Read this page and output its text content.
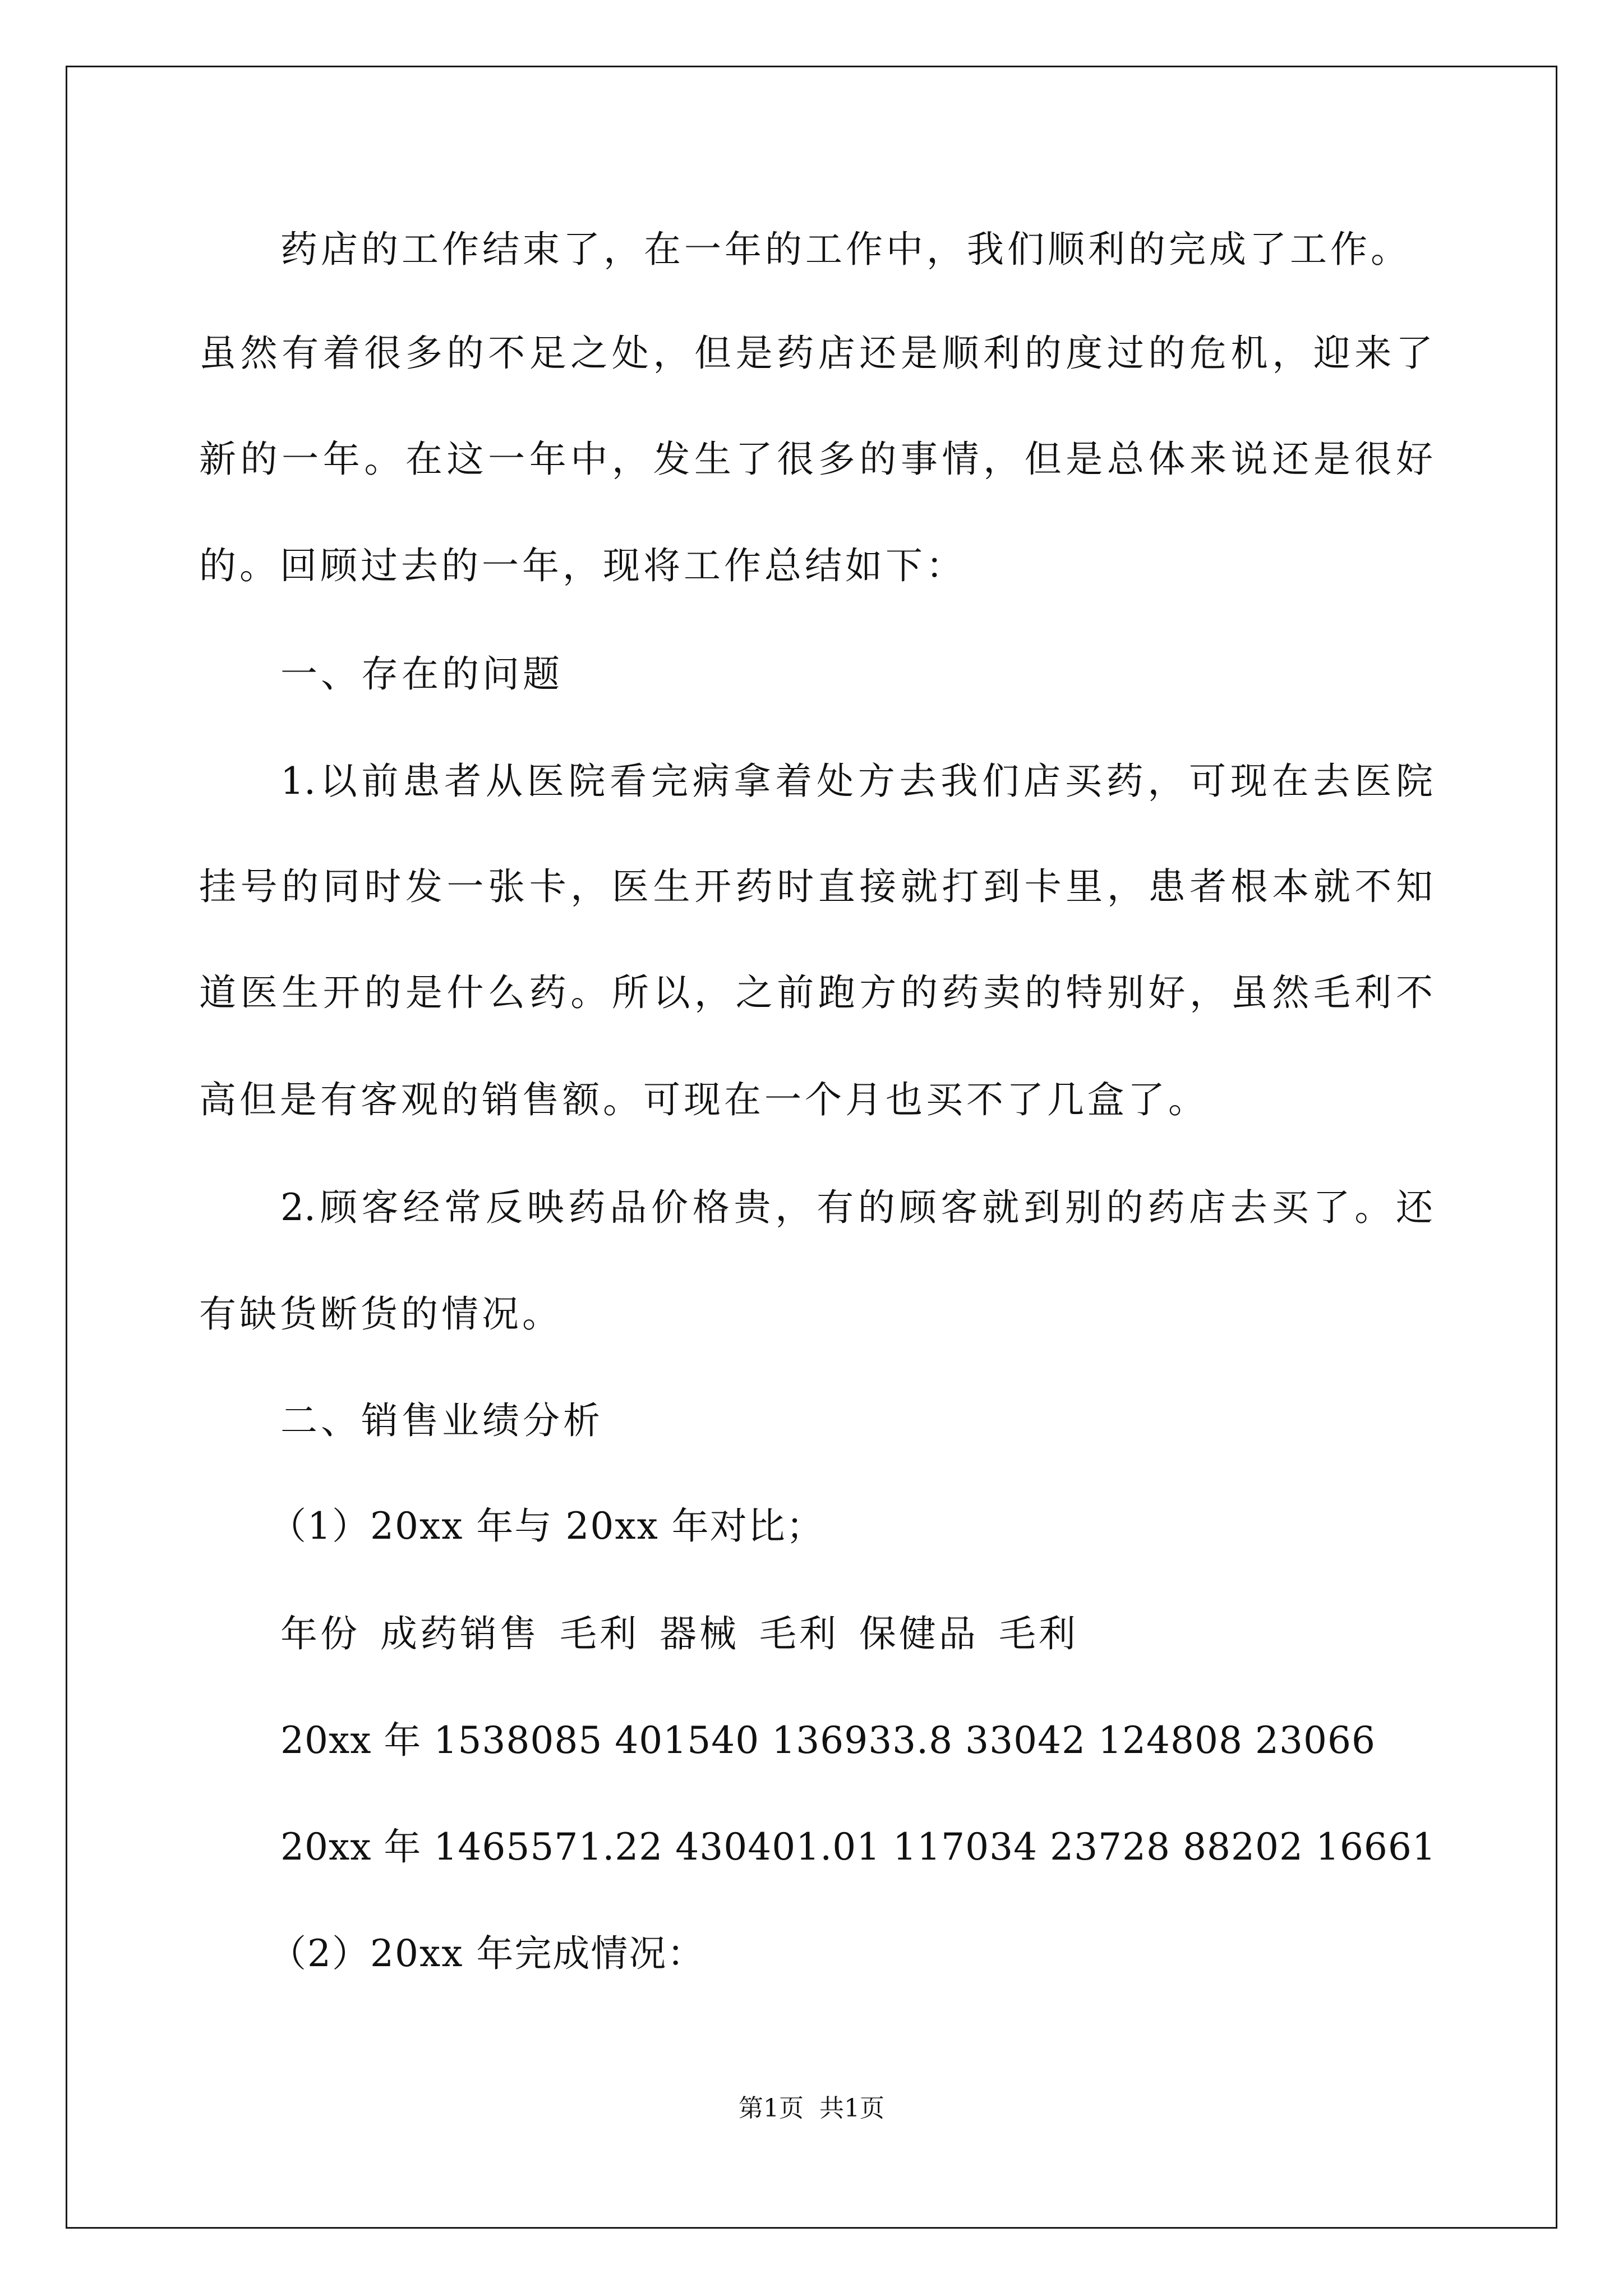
药店的工作结束了，在一年的工作中，我们顺利的完成了工作。

虽然有着很多的不足之处，但是药店还是顺利的度过的危机，迎来了

新的一年。在这一年中，发生了很多的事情，但是总体来说还是很好

的。回顾过去的一年，现将工作总结如下：

一、存在的问题

1.以前患者从医院看完病拿着处方去我们店买药，可现在去医院

挂号的同时发一张卡，医生开药时直接就打到卡里，患者根本就不知

道医生开的是什么药。所以，之前跑方的药卖的特别好，虽然毛利不

高但是有客观的销售额。可现在一个月也买不了几盒了。

2.顾客经常反映药品价格贵，有的顾客就到别的药店去买了。还

有缺货断货的情况。

二、销售业绩分析

（1）20xx 年与 20xx 年对比；

年份 成药销售 毛利 器械 毛利 保健品 毛利

20xx 年 1538085 401540 136933.8 33042 124808 23066

20xx 年 1465571.22 430401.01 117034 23728 88202 16661

（2）20xx 年完成情况：

第1页 共1页
